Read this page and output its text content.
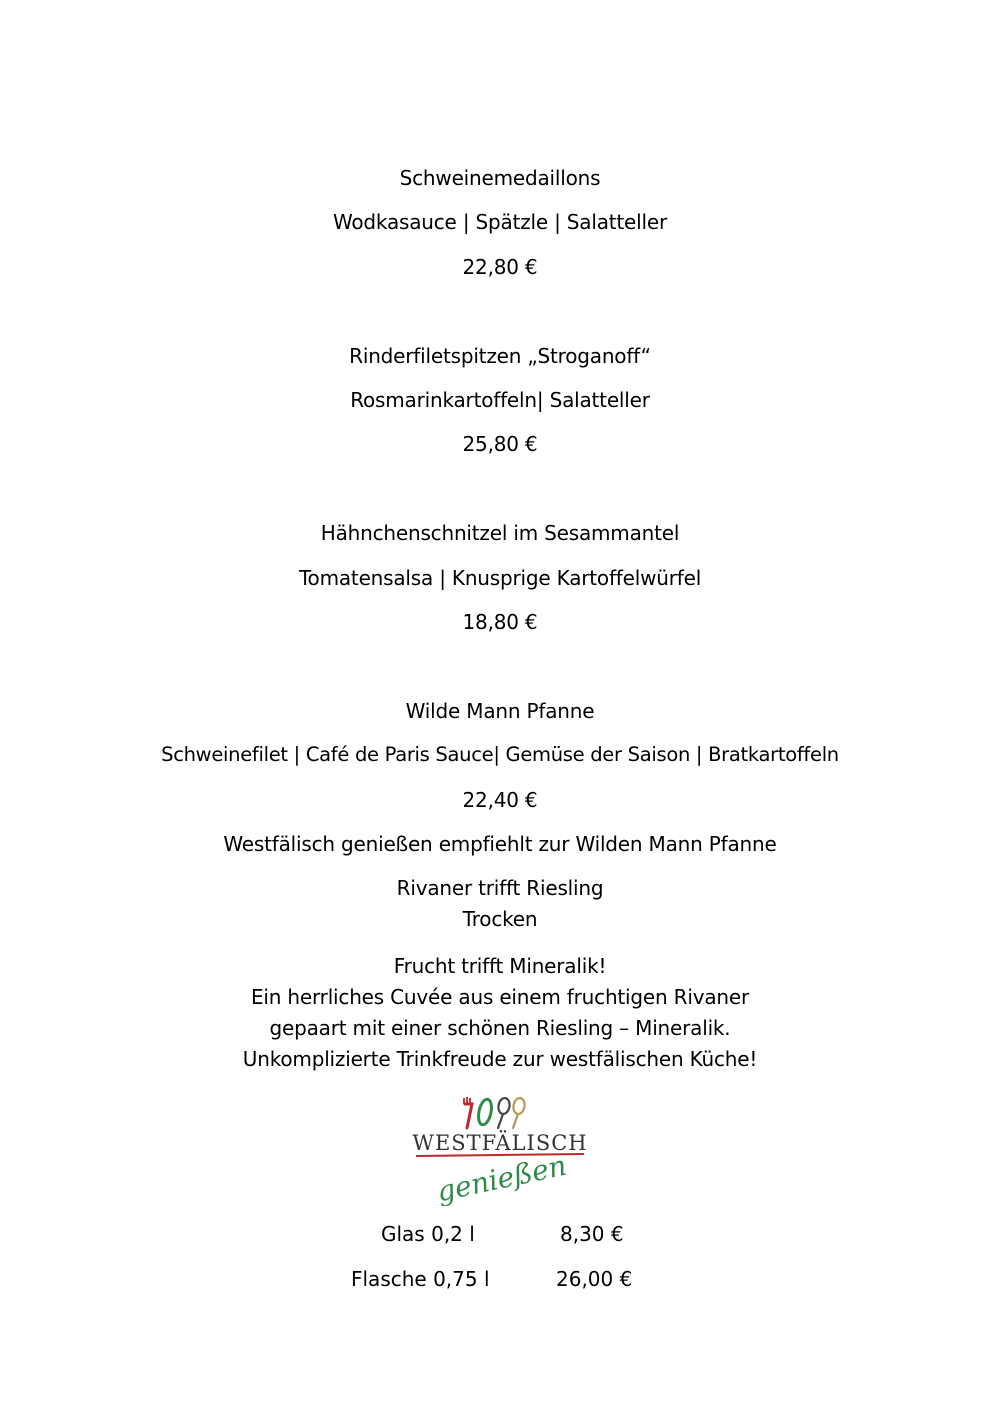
Schweinemedaillons
Wodkasauce | Spätzle | Salatteller
22,80 €
Rinderfiletspitzen „Stroganoff“
Rosmarinkartoffeln| Salatteller
25,80 €
Hähnchenschnitzel im Sesammantel
Tomatensalsa | Knusprige Kartoffelwürfel
18,80 €
Wilde Mann Pfanne
Schweinefilet | Café de Paris Sauce| Gemüse der Saison | Bratkartoffeln
22,40 €
Westfälisch genießen empfiehlt zur Wilden Mann Pfanne
Rivaner trifft Riesling
Trocken
Frucht trifft Mineralik!
Ein herrliches Cuvée aus einem fruchtigen Rivaner
gepaart mit einer schönen Riesling – Mineralik.
Unkomplizierte Trinkfreude zur westfälischen Küche!
WESTFÄLISCH
genießen
Glas 0,2 l	8,30 €
Flasche 0,75 l	26,00 €
